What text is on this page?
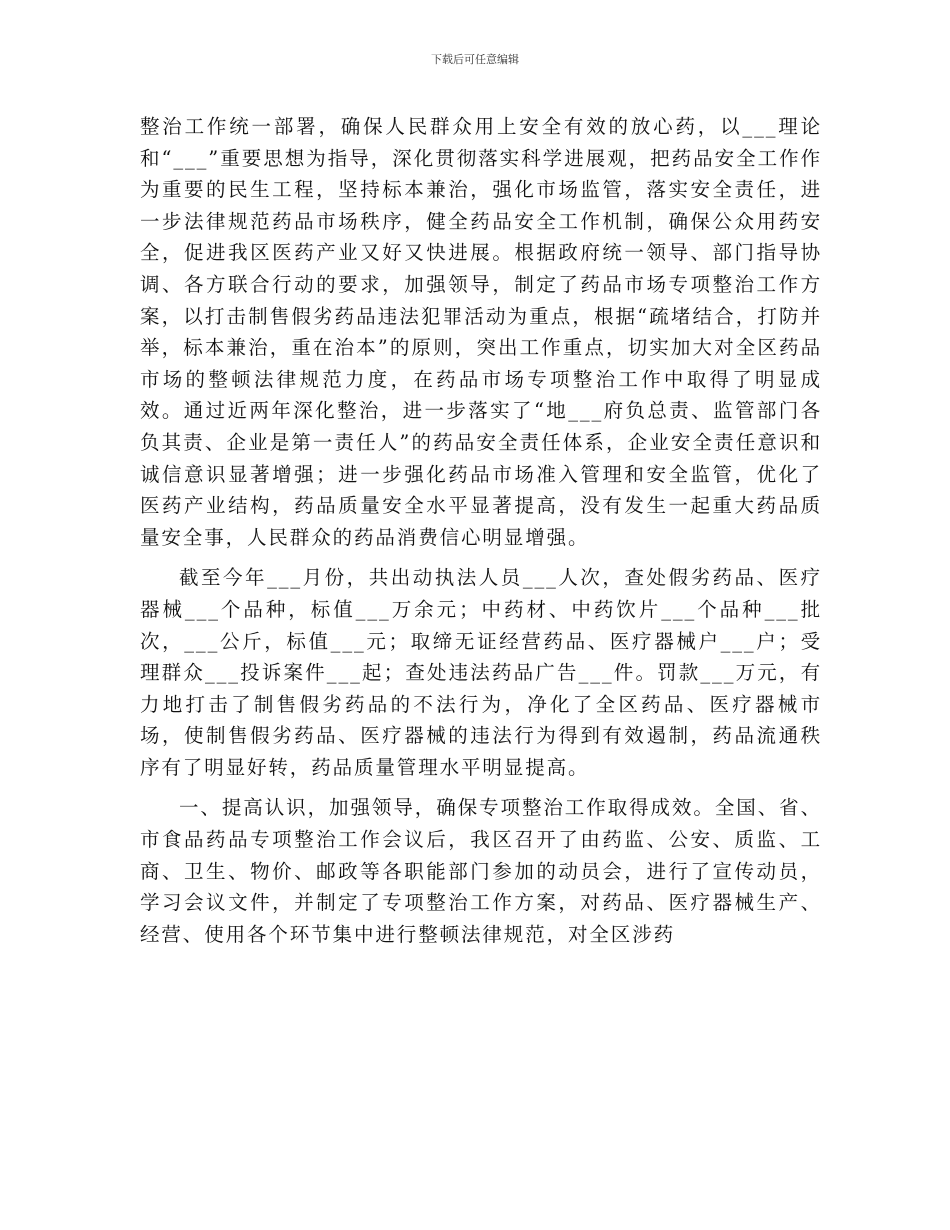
下载后可任意编辑

整治工作统一部署，确保人民群众用上安全有效的放心药，以___理论和“___”重要思想为指导，深化贯彻落实科学进展观，把药品安全工作作为重要的民生工程，坚持标本兼治，强化市场监管，落实安全责任，进一步法律规范药品市场秩序，健全药品安全工作机制，确保公众用药安全，促进我区医药产业又好又快进展。根据政府统一领导、部门指导协调、各方联合行动的要求，加强领导，制定了药品市场专项整治工作方案，以打击制售假劣药品违法犯罪活动为重点，根据“疏堵结合，打防并举，标本兼治，重在治本”的原则，突出工作重点，切实加大对全区药品市场的整顿法律规范力度，在药品市场专项整治工作中取得了明显成效。通过近两年深化整治，进一步落实了“地___府负总责、监管部门各负其责、企业是第一责任人”的药品安全责任体系，企业安全责任意识和诚信意识显著增强；进一步强化药品市场准入管理和安全监管，优化了医药产业结构，药品质量安全水平显著提高，没有发生一起重大药品质量安全事，人民群众的药品消费信心明显增强。

截至今年___月份，共出动执法人员___人次，查处假劣药品、医疗器械___个品种，标值___万余元；中药材、中药饮片___个品种___批次，___公斤，标值___元；取缔无证经营药品、医疗器械户___户；受理群众___投诉案件___起；查处违法药品广告___件。罚款___万元，有力地打击了制售假劣药品的不法行为，净化了全区药品、医疗器械市场，使制售假劣药品、医疗器械的违法行为得到有效遏制，药品流通秩序有了明显好转，药品质量管理水平明显提高。

一、提高认识，加强领导，确保专项整治工作取得成效。全国、省、市食品药品专项整治工作会议后，我区召开了由药监、公安、质监、工商、卫生、物价、邮政等各职能部门参加的动员会，进行了宣传动员，学习会议文件，并制定了专项整治工作方案，对药品、医疗器械生产、经营、使用各个环节集中进行整顿法律规范，对全区涉药
